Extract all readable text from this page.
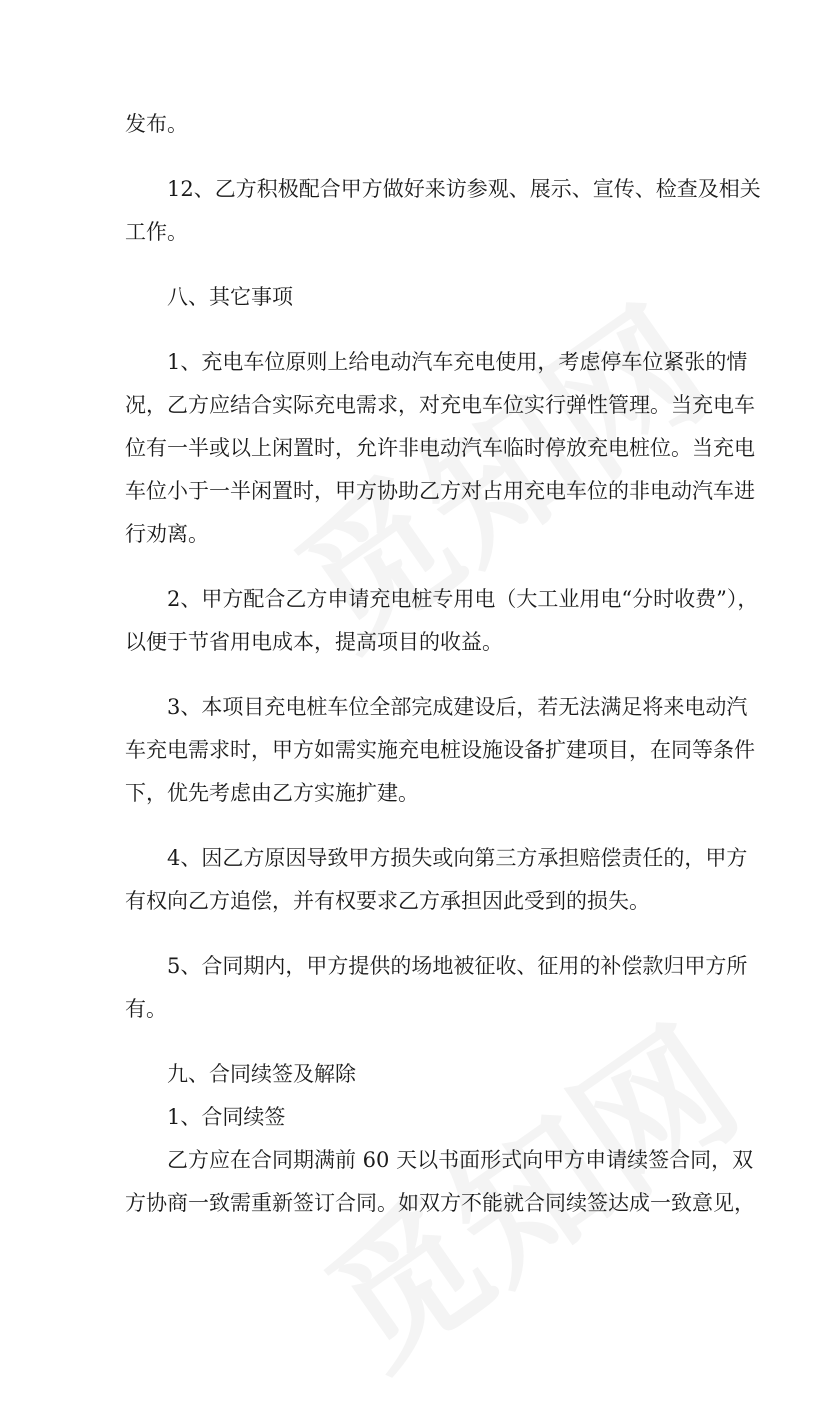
发布。
12、乙方积极配合甲方做好来访参观、展示、宣传、检查及相关
工作。
八、其它事项
1、充电车位原则上给电动汽车充电使用，考虑停车位紧张的情
况，乙方应结合实际充电需求，对充电车位实行弹性管理。当充电车
位有一半或以上闲置时，允许非电动汽车临时停放充电桩位。当充电
车位小于一半闲置时，甲方协助乙方对占用充电车位的非电动汽车进
行劝离。
2、甲方配合乙方申请充电桩专用电（大工业用电“分时收费”），
以便于节省用电成本，提高项目的收益。
3、本项目充电桩车位全部完成建设后，若无法满足将来电动汽
车充电需求时，甲方如需实施充电桩设施设备扩建项目，在同等条件
下，优先考虑由乙方实施扩建。
4、因乙方原因导致甲方损失或向第三方承担赔偿责任的，甲方
有权向乙方追偿，并有权要求乙方承担因此受到的损失。
5、合同期内，甲方提供的场地被征收、征用的补偿款归甲方所
有。
九、合同续签及解除
1、合同续签
乙方应在合同期满前 60 天以书面形式向甲方申请续签合同，双
方协商一致需重新签订合同。如双方不能就合同续签达成一致意见，
